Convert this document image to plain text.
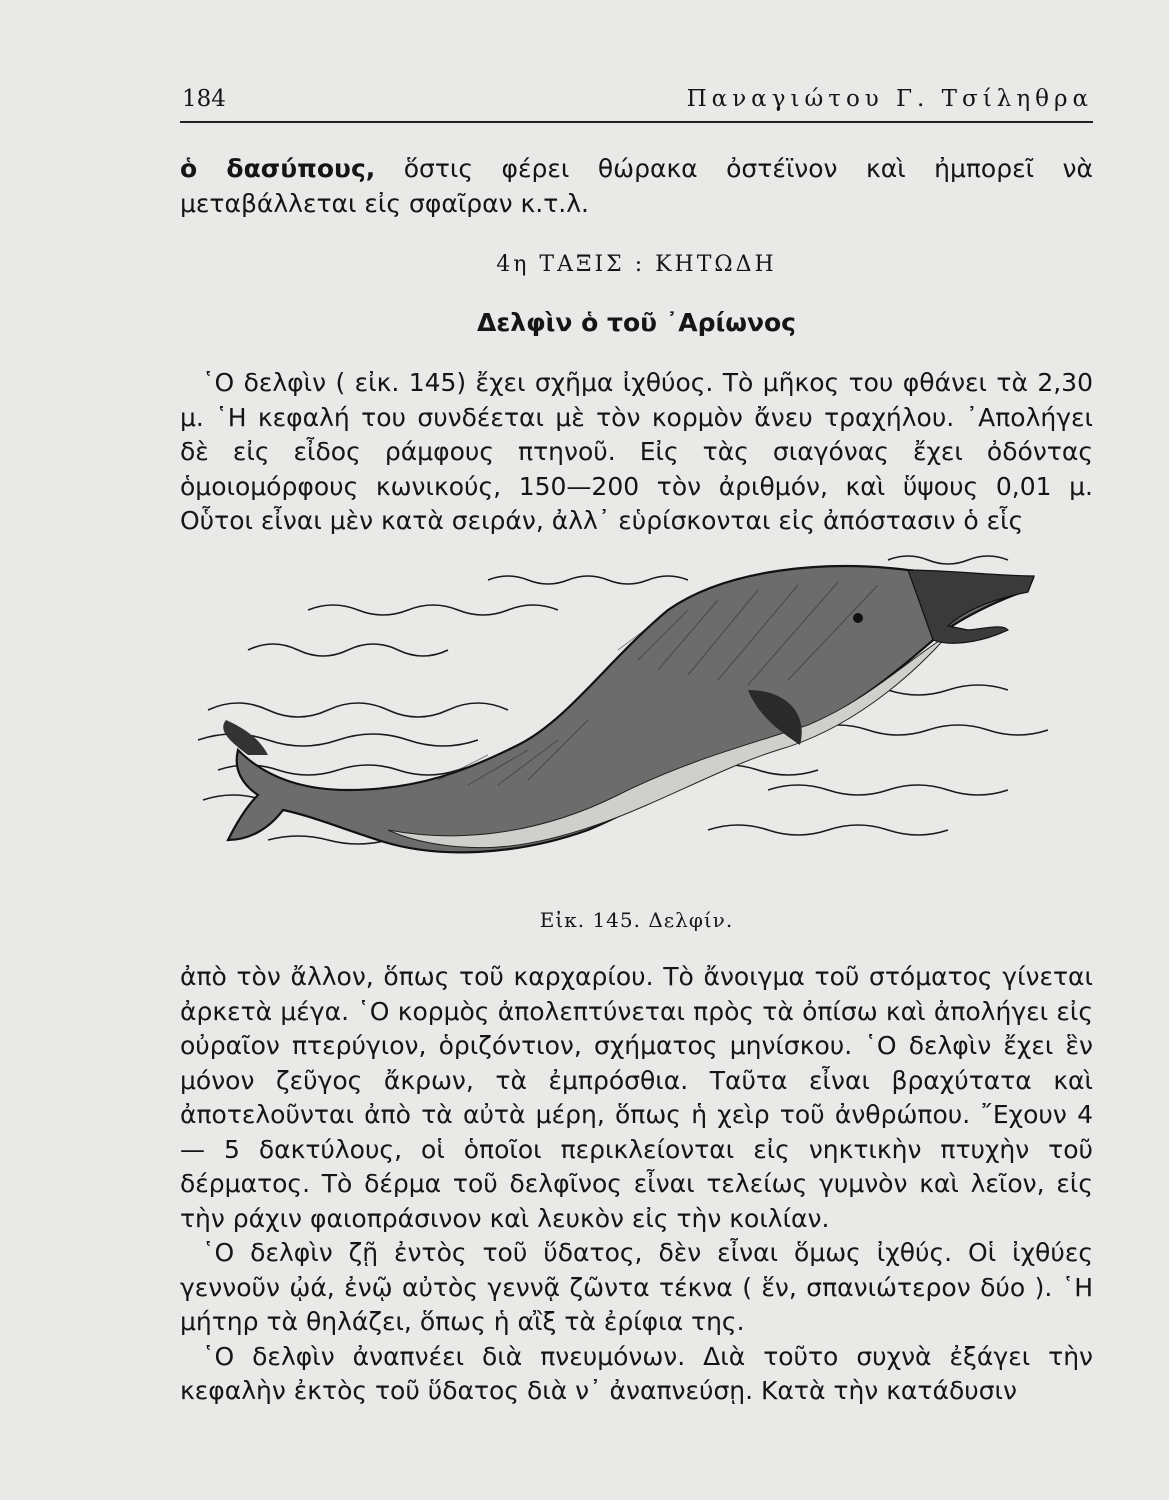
184	Παναγιώτου Γ. Τσίληθρα

ὁ δασύπους, ὅστις φέρει θώρακα ὀστέϊνον καὶ ἠμπορεῖ νὰ μεταβάλλεται εἰς σφαῖραν κ.τ.λ.

4η ΤΑΞΙΣ : ΚΗΤΩΔΗ
Δελφὶν ὁ τοῦ ᾿Αρίωνος

῾Ο δελφὶν ( εἰκ. 145) ἔχει σχῆμα ἰχθύος. Τὸ μῆκος του φθάνει τὰ 2,30 μ. ῾Η κεφαλή του συνδέεται μὲ τὸν κορμὸν ἄνευ τραχήλου. ᾿Απολήγει δὲ εἰς εἶδος ράμφους πτηνοῦ. Εἰς τὰς σιαγόνας ἔχει ὀδόντας ὁμοιομόρφους κωνικούς, 150—200 τὸν ἀριθμόν, καὶ ὕψους 0,01 μ. Οὗτοι εἶναι μὲν κατὰ σειράν, ἀλλ᾿ εὑρίσκονται εἰς ἀπόστασιν ὁ εἷς

Εἰκ. 145. Δελφίν.

ἀπὸ τὸν ἄλλον, ὅπως τοῦ καρχαρίου. Τὸ ἄνοιγμα τοῦ στόματος γίνεται ἀρκετὰ μέγα. ῾Ο κορμὸς ἀπολεπτύνεται πρὸς τὰ ὀπίσω καὶ ἀπολήγει εἰς οὐραῖον πτερύγιον, ὁριζόντιον, σχήματος μηνίσκου. ῾Ο δελφὶν ἔχει ἓν μόνον ζεῦγος ἄκρων, τὰ ἐμπρόσθια. Ταῦτα εἶναι βραχύτατα καὶ ἀποτελοῦνται ἀπὸ τὰ αὐτὰ μέρη, ὅπως ἡ χεὶρ τοῦ ἀνθρώπου. ῎Εχουν 4 — 5 δακτύλους, οἱ ὁποῖοι περικλείονται εἰς νηκτικὴν πτυχὴν τοῦ δέρματος. Τὸ δέρμα τοῦ δελφῖνος εἶναι τελείως γυμνὸν καὶ λεῖον, εἰς τὴν ράχιν φαιοπράσινον καὶ λευκὸν εἰς τὴν κοιλίαν.

῾Ο δελφὶν ζῇ ἐντὸς τοῦ ὕδατος, δὲν εἶναι ὅμως ἰχθύς. Οἱ ἰχθύες γεννοῦν ᾠά, ἐνῷ αὐτὸς γεννᾷ ζῶντα τέκνα ( ἕν, σπανιώτερον δύο ). ῾Η μήτηρ τὰ θηλάζει, ὅπως ἡ αἲξ τὰ ἐρίφια της.

῾Ο δελφὶν ἀναπνέει διὰ πνευμόνων. Διὰ τοῦτο συχνὰ ἐξάγει τὴν κεφαλὴν ἐκτὸς τοῦ ὕδατος διὰ ν᾿ ἀναπνεύσῃ. Κατὰ τὴν κατάδυσιν
